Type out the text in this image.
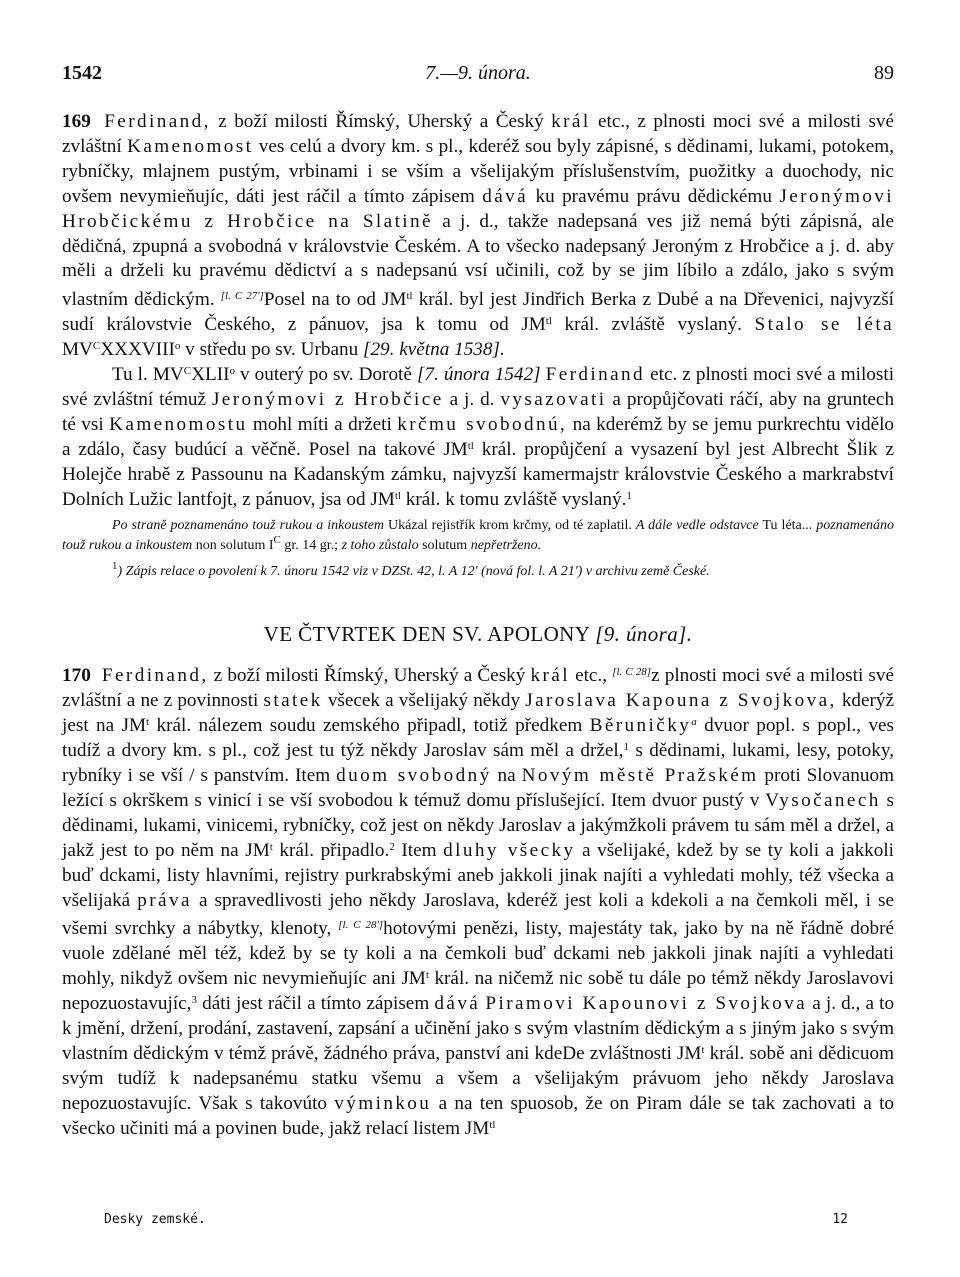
1542	7.—9. února.	89

169 Ferdinand, z boží milosti Římský, Uherský a Český král etc., z plnosti moci své a milosti své zvláštní Kamenomost ves celú a dvory km. s pl., kderéž sou byly zápisné, s dědinami, lukami, potokem, rybníčky, mlajnem pustým, vrbinami i se vším a všelijakým příslušenstvím, puožitky a duochody, nic ovšem nevymieňujíc, dáti jest ráčil a tímto zápisem dává ku pravému právu dědickému Jeronýmovi Hrobčickému z Hrobčice na Slatině a j. d., takže nadepsaná ves již nemá býti zápisná, ale dědičná, zpupná a svobodná v královstvie Českém. A to všecko nadepsaný Jeroným z Hrobčice a j. d. aby měli a drželi ku pravému dědictví a s nadepsanú vsí učinili, což by se jim líbilo a zdálo, jako s svým vlastním dědickým. [l. C 27']Posel na to od $JM^{tl}$ král. byl jest Jindřich Berka z Dubé a na Dřevenici, najvyzší sudí královstvie Českého, z pánuov, jsa k tomu od $JM^{tl}$ král. zvláště vyslaný. Stalo se léta $MV^CXXXVIII^o$ v středu po sv. Urbanu [29. května 1538].

Tu l. $MV^CXLII^o$ v outerý po sv. Dorotě [7. února 1542] Ferdinand etc. z plnosti moci své a milosti své zvláštní témuž Jeronýmovi z Hrobčice a j. d. vysazovati a propůjčovati ráčí, aby na gruntech té vsi Kamenomostu mohl míti a držeti krčmu svobodnú, na kderémž by se jemu purkrechtu vidělo a zdálo, časy budúcí a věčně. Posel na takové $JM^{tl}$ král. propůjčení a vysazení byl jest Albrecht Šlik z Holejče hrabě z Passounu na Kadanským zámku, najvyzší kamermajstr královstvie Českého a markrabství Dolních Lužic lantfojt, z pánuov, jsa od $JM^{tl}$ král. k tomu zvláště vyslaný.$^1$

Po straně poznamenáno touž rukou a inkoustem Ukázal rejistřík krom krčmy, od té zaplatil. A dále vedle odstavce Tu léta... poznamenáno touž rukou a inkoustem non solutum $I^C$ gr. 14 gr.; z toho zůstalo solutum nepřetrženo.

$^1$) Zápis relace o povolení k 7. únoru 1542 viz v DZSt. 42, l. A 12' (nová fol. l. A 21') v archivu země České.

VE ČTVRTEK DEN SV. APOLONY [9. února].

170 Ferdinand, z boží milosti Římský, Uherský a Český král etc., [l. C 28]z plnosti moci své a milosti své zvláštní a ne z povinnosti statek všecek a všelijaký někdy Jaroslava Kapouna z Svojkova, kderýž jest na $JM^t$ král. nálezem soudu zemského připadl, totiž předkem Běruničky$^a$ dvuor popl. s popl., ves tudíž a dvory km. s pl., což jest tu týž někdy Jaroslav sám měl a držel,$^1$ s dědinami, lukami, lesy, potoky, rybníky i se vší / s panstvím. Item duom svobodný na Novým městě Pražském proti Slovanuom ležící s okrškem s vinicí i se vší svobodou k témuž domu příslušející. Item dvuor pustý v Vysočanech s dědinami, lukami, vinicemi, rybníčky, což jest on někdy Jaroslav a jakýmžkoli právem tu sám měl a držel, a jakž jest to po něm na $JM^t$ král. připadlo.$^2$ Item dluhy všecky a všelijaké, kdež by se ty koli a jakkoli buď dckami, listy hlavními, rejistry purkrabskými aneb jakkoli jinak najíti a vyhledati mohly, též všecka a všelijaká práva a spravedlivosti jeho někdy Jaroslava, kderéž jest koli a kdekoli a na čemkoli měl, i se všemi svrchky a nábytky, klenoty, [l. C 28']hotovými penězi, listy, majestáty tak, jako by na ně řádně dobré vuole zdělané měl též, kdež by se ty koli a na čemkoli buď dckami neb jakkoli jinak najíti a vyhledati mohly, nikdyž ovšem nic nevymieňujíc ani $JM^t$ král. na ničemž nic sobě tu dále po témž někdy Jaroslavovi nepozuostavujíc,$^3$ dáti jest ráčil a tímto zápisem dává Piramovi Kapounovi z Svojkova a j. d., a to k jmění, držení, prodání, zastavení, zapsání a učinění jako s svým vlastním dědickým a s jiným jako s svým vlastním dědickým v témž právě, žádného práva, panství ani kdeDe zvláštnosti $JM^t$ král. sobě ani dědicuom svým tudíž k nadepsanému statku všemu a všem a všelijakým právuom jeho někdy Jaroslava nepozuostavujíc. Však s takovúto výminkou a na ten spuosob, že on Piram dále se tak zachovati a to všecko učiniti má a povinen bude, jakž relací listem $JM^{tl}$

Desky zemské.	12
